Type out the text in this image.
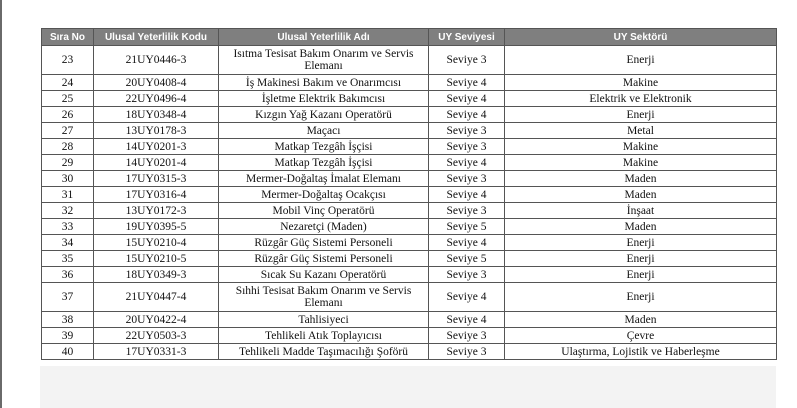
Sıra No	Ulusal Yeterlilik Kodu	Ulusal Yeterlilik Adı	UY Seviyesi	UY Sektörü
23	21UY0446-3	Isıtma Tesisat Bakım Onarım ve Servis Elemanı	Seviye 3	Enerji
24	20UY0408-4	İş Makinesi Bakım ve Onarımcısı	Seviye 4	Makine
25	22UY0496-4	İşletme Elektrik Bakımcısı	Seviye 4	Elektrik ve Elektronik
26	18UY0348-4	Kızgın Yağ Kazanı Operatörü	Seviye 4	Enerji
27	13UY0178-3	Maçacı	Seviye 3	Metal
28	14UY0201-3	Matkap Tezgâh İşçisi	Seviye 3	Makine
29	14UY0201-4	Matkap Tezgâh İşçisi	Seviye 4	Makine
30	17UY0315-3	Mermer-Doğaltaş İmalat Elemanı	Seviye 3	Maden
31	17UY0316-4	Mermer-Doğaltaş Ocakçısı	Seviye 4	Maden
32	13UY0172-3	Mobil Vinç Operatörü	Seviye 3	İnşaat
33	19UY0395-5	Nezaretçi (Maden)	Seviye 5	Maden
34	15UY0210-4	Rüzgâr Güç Sistemi Personeli	Seviye 4	Enerji
35	15UY0210-5	Rüzgâr Güç Sistemi Personeli	Seviye 5	Enerji
36	18UY0349-3	Sıcak Su Kazanı Operatörü	Seviye 3	Enerji
37	21UY0447-4	Sıhhi Tesisat Bakım Onarım ve Servis Elemanı	Seviye 4	Enerji
38	20UY0422-4	Tahlisiyeci	Seviye 4	Maden
39	22UY0503-3	Tehlikeli Atık Toplayıcısı	Seviye 3	Çevre
40	17UY0331-3	Tehlikeli Madde Taşımacılığı Şoförü	Seviye 3	Ulaştırma, Lojistik ve Haberleşme
